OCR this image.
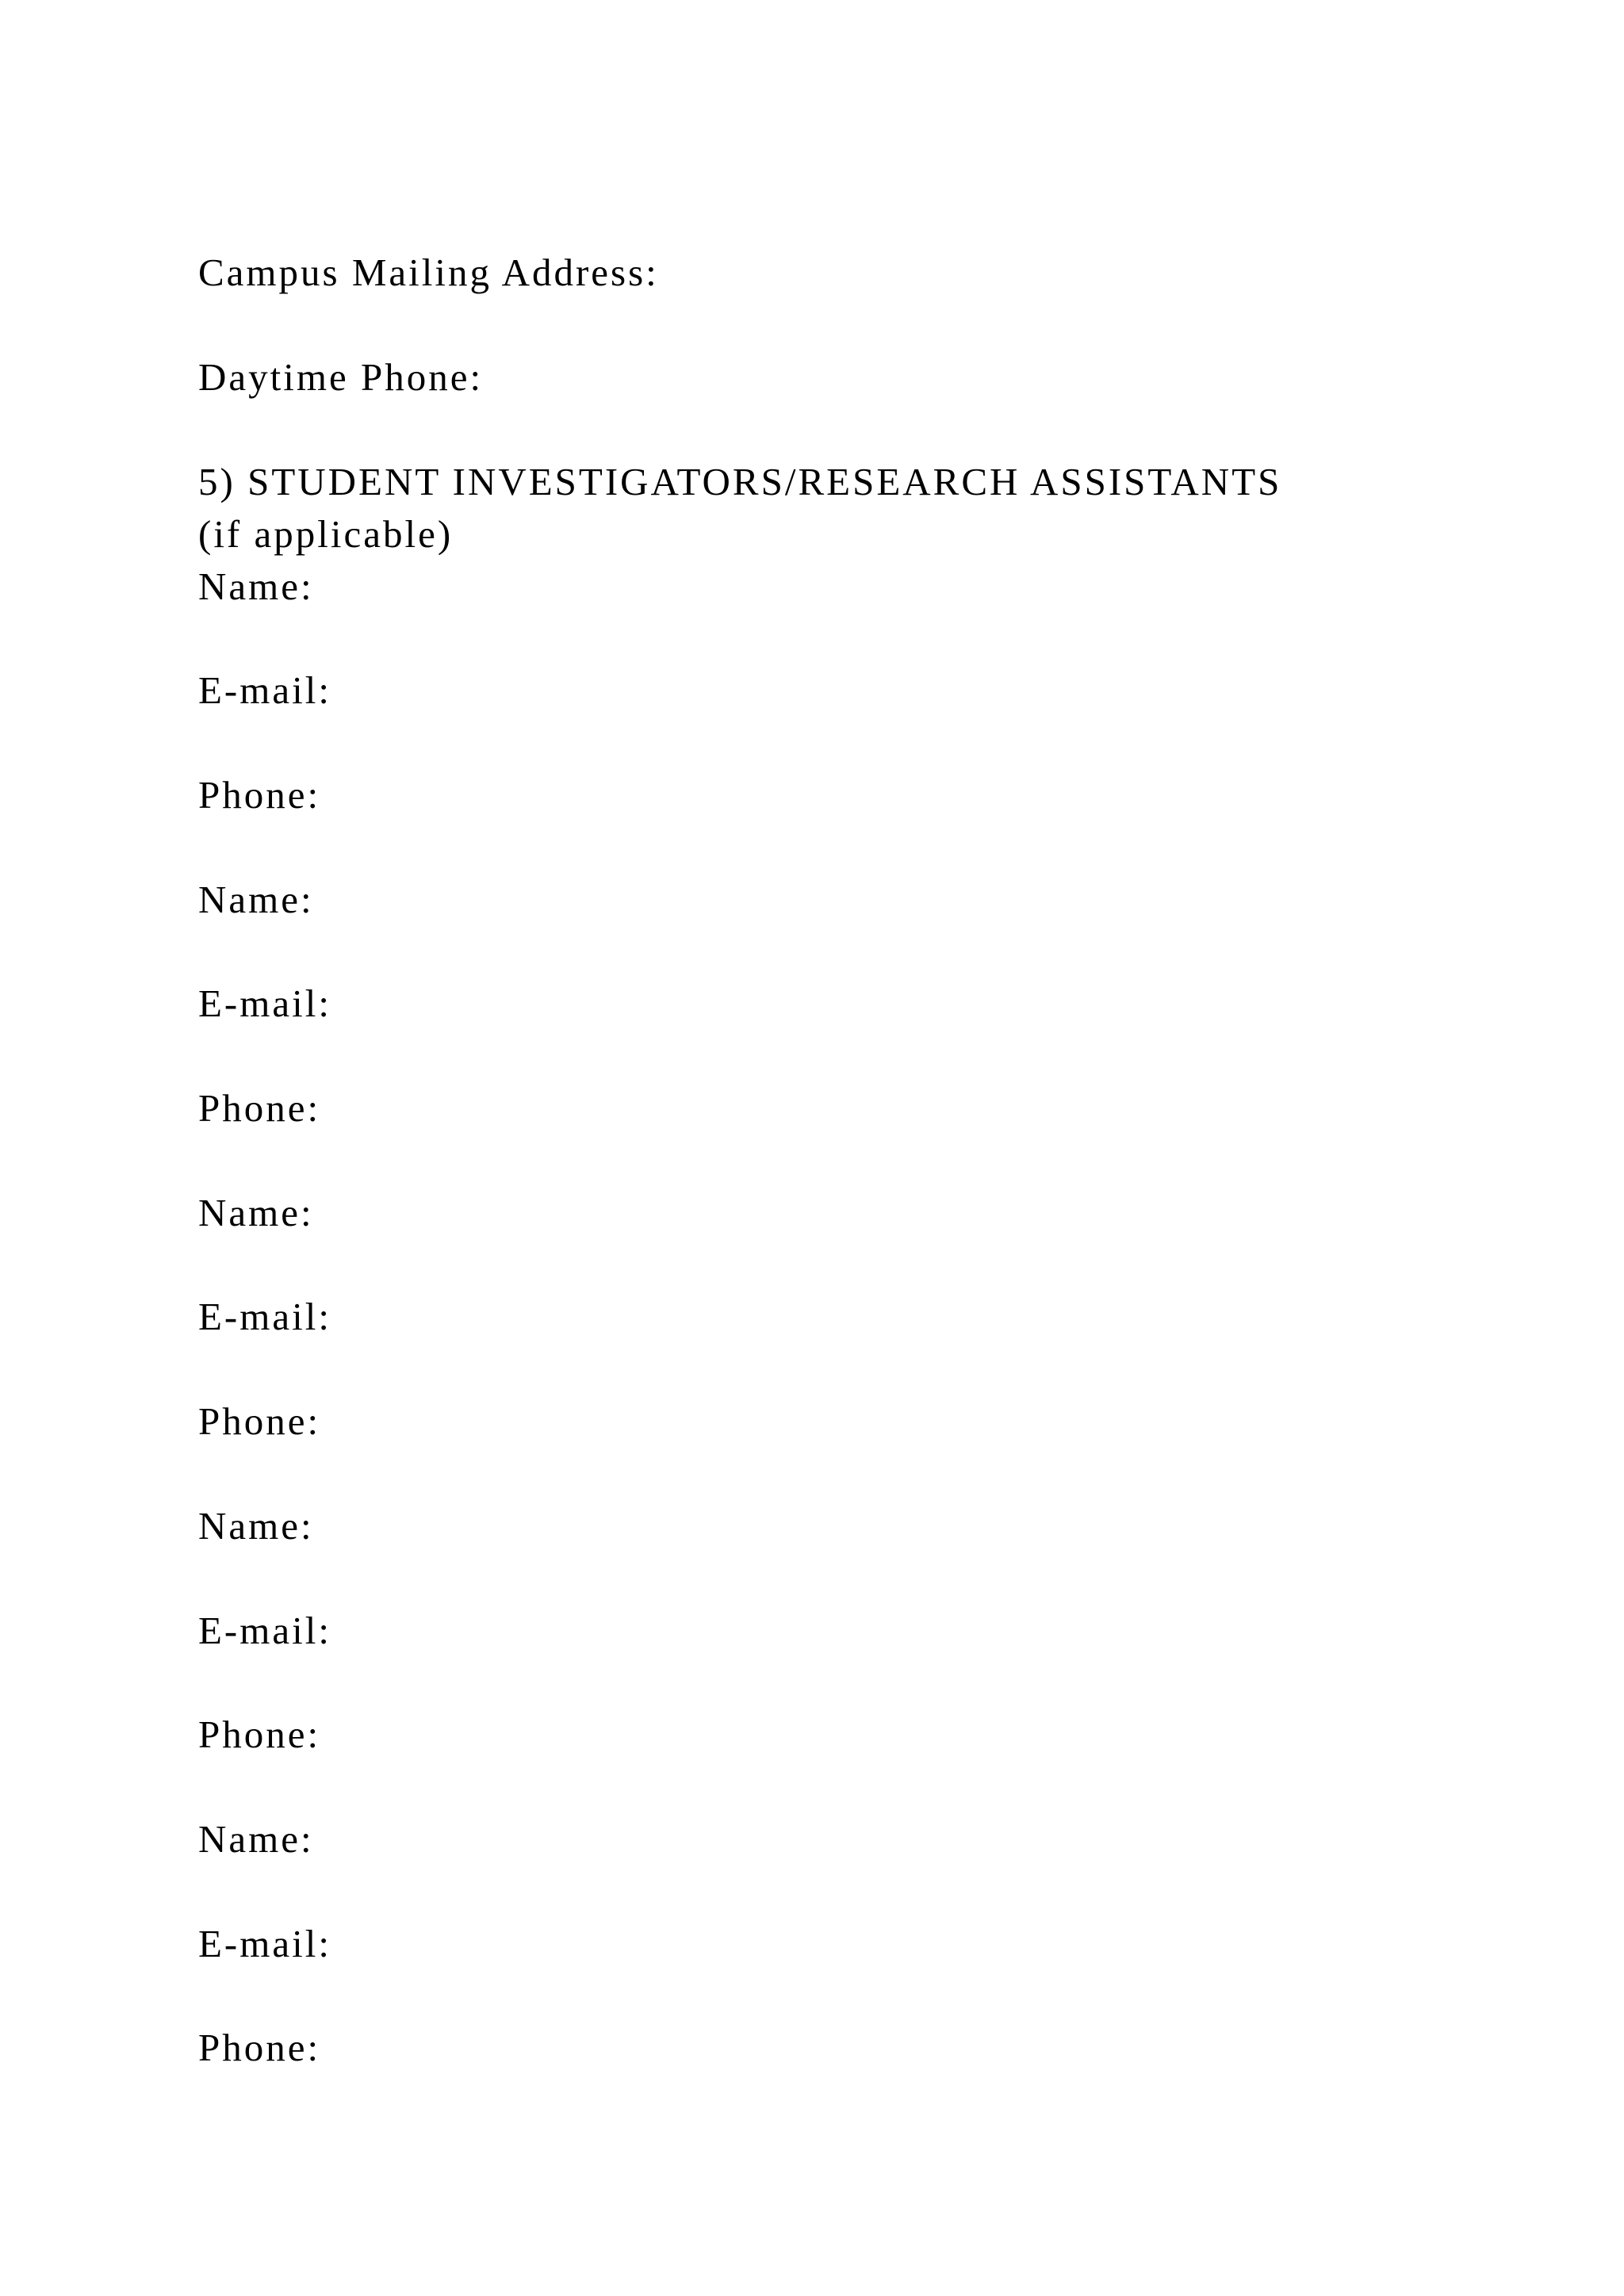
Campus Mailing Address:
Daytime Phone:
5) STUDENT INVESTIGATORS/RESEARCH ASSISTANTS
(if applicable)
Name:
E-mail:
Phone:
Name:
E-mail:
Phone:
Name:
E-mail:
Phone:
Name:
E-mail:
Phone:
Name:
E-mail:
Phone:
